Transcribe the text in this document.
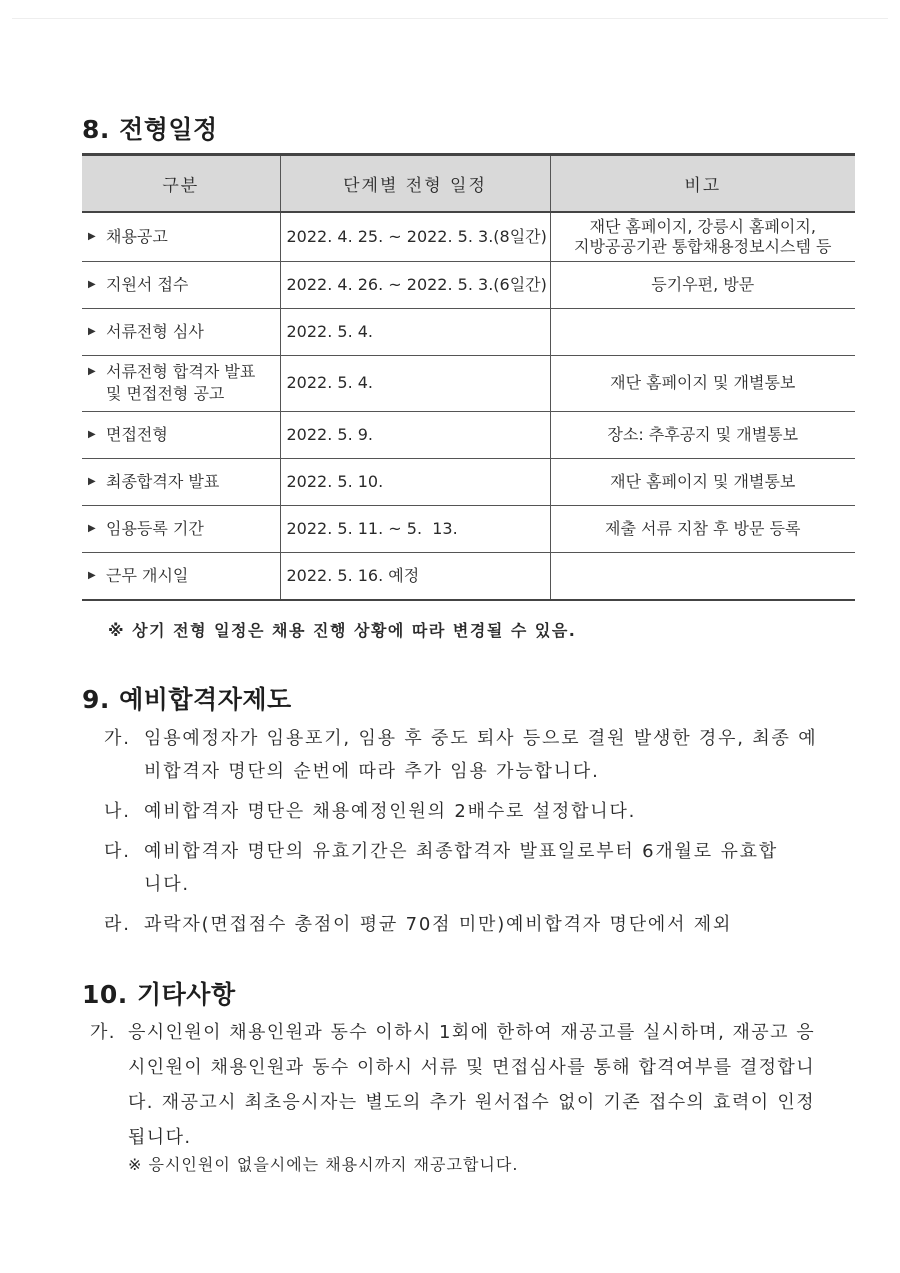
8. 전형일정
구분	단계별 전형 일정	비고
▶ 채용공고	2022. 4. 25. ~ 2022. 5. 3.(8일간)	재단 홈페이지, 강릉시 홈페이지,
지방공공기관 통합채용정보시스템 등
▶ 지원서 접수	2022. 4. 26. ~ 2022. 5. 3.(6일간)	등기우편, 방문
▶ 서류전형 심사	2022. 5. 4.	
▶ 서류전형 합격자 발표
및 면접전형 공고	2022. 5. 4.	재단 홈페이지 및 개별통보
▶ 면접전형	2022. 5. 9.	장소: 추후공지 및 개별통보
▶ 최종합격자 발표	2022. 5. 10.	재단 홈페이지 및 개별통보
▶ 임용등록 기간	2022. 5. 11. ~ 5.  13.	제출 서류 지참 후 방문 등록
▶ 근무 개시일	2022. 5. 16. 예정	
※ 상기 전형 일정은 채용 진행 상황에 따라 변경될 수 있음.
9. 예비합격자제도
가. 임용예정자가 임용포기, 임용 후 중도 퇴사 등으로 결원 발생한 경우, 최종 예비합격자 명단의 순번에 따라 추가 임용 가능합니다.
나. 예비합격자 명단은 채용예정인원의 2배수로 설정합니다.
다. 예비합격자 명단의 유효기간은 최종합격자 발표일로부터 6개월로 유효합니다.
라. 과락자(면접점수 총점이 평균 70점 미만)예비합격자 명단에서 제외
10. 기타사항
가. 응시인원이 채용인원과 동수 이하시 1회에 한하여 재공고를 실시하며, 재공고 응시인원이 채용인원과 동수 이하시 서류 및 면접심사를 통해 합격여부를 결정합니다. 재공고시 최초응시자는 별도의 추가 원서접수 없이 기존 접수의 효력이 인정됩니다.
※ 응시인원이 없을시에는 채용시까지 재공고합니다.
